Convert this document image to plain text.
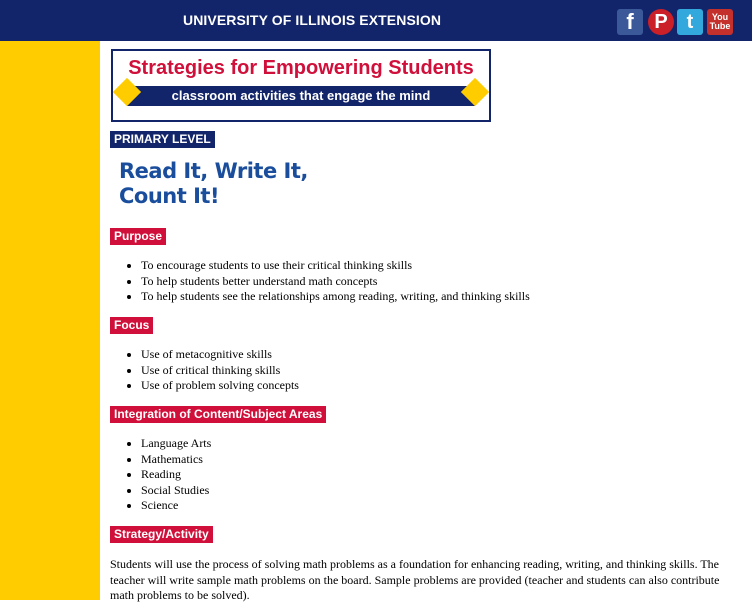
UNIVERSITY OF ILLINOIS EXTENSION	f	P t	You
Tube
Strategies for Empowering Students
classroom activities that engage the mind
PRIMARY LEVEL
Read It, Write It,
Count It!
Purpose
• To encourage students to use their critical thinking skills
• To help students better understand math concepts
• To help students see the relationships among reading, writing, and thinking skills
Focus
• Use of metacognitive skills
• Use of critical thinking skills
• Use of problem solving concepts
Integration of Content/Subject Areas
• Language Arts
• Mathematics
• Reading
• Social Studies
• Science
Strategy/Activity
Students will use the process of solving math problems as a foundation for enhancing reading, writing, and thinking skills. The teacher will write sample math problems on the board. Sample problems are provided (teacher and students can also contribute math problems to be solved).
